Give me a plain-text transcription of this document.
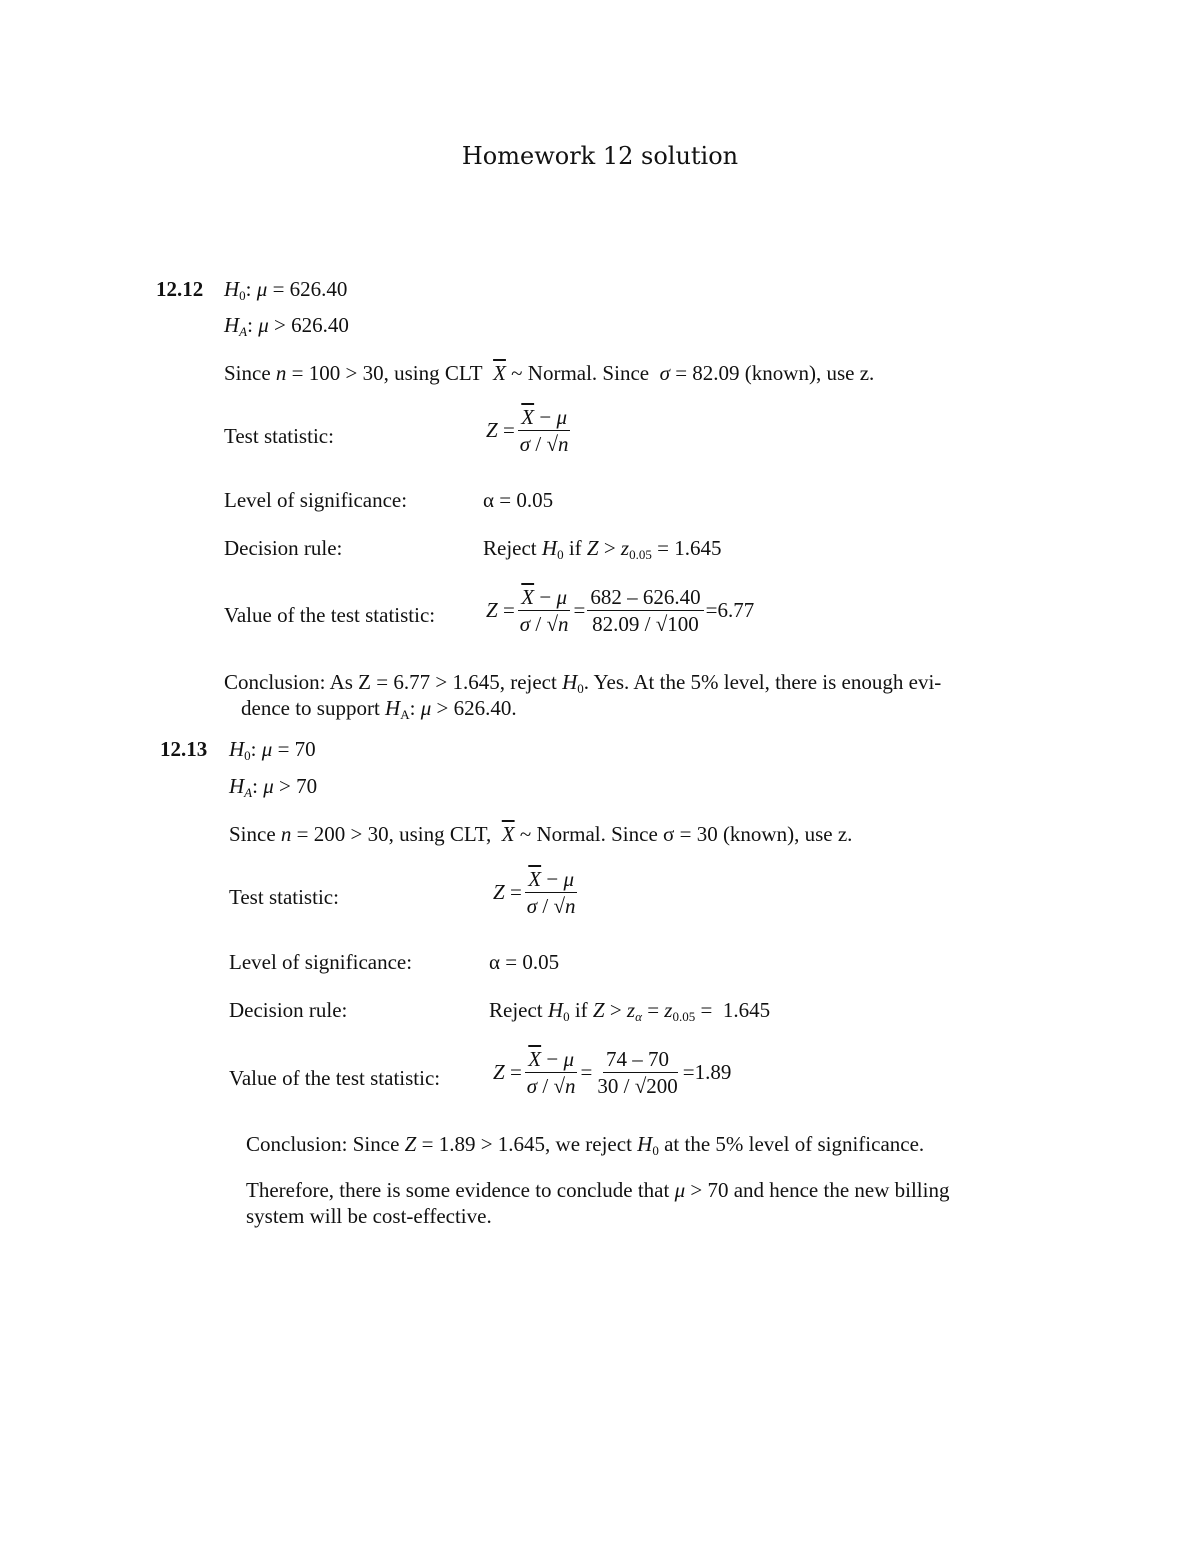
Homework 12 solution
12.12 $H_0$: μ = 626.40
$H_A$: μ > 626.40
Since n = 100 > 30, using CLT $\overline{X}$ ~ Normal. Since σ = 82.09 (known), use z.
Test statistic:	$Z = \frac{\overline{X} - \mu}{\sigma / √n}$
Level of significance:	α = 0.05
Decision rule:	Reject $H_0$ if $Z > z_{0.05} = 1.645$
Value of the test statistic: $Z = \frac{\overline{X} - \mu}{\sigma / √n} = \frac{682 - 626.40}{82.09 / √100} = 6.77$
Conclusion: As Z = 6.77 > 1.645, reject $H_0$. Yes. At the 5% level, there is enough evi-
dence to support $H_A$: μ > 626.40.
12.13 $H_0$: μ = 70
$H_A$: μ > 70
Since n = 200 > 30, using CLT, $\overline{X}$ ~ Normal. Since σ = 30 (known), use z.
Test statistic:	$Z = \frac{\overline{X} - \mu}{\sigma / √n}$
Level of significance:	α = 0.05
Decision rule:	Reject $H_0$ if $Z > z_\alpha = z_{0.05} = 1.645$
Value of the test statistic:	$Z = \frac{\overline{X} - \mu}{\sigma / √n} = \frac{74 - 70}{30 / √200} = 1.89$
Conclusion: Since Z = 1.89 > 1.645, we reject $H_0$ at the 5% level of significance.
Therefore, there is some evidence to conclude that μ > 70 and hence the new billing
system will be cost-effective.
